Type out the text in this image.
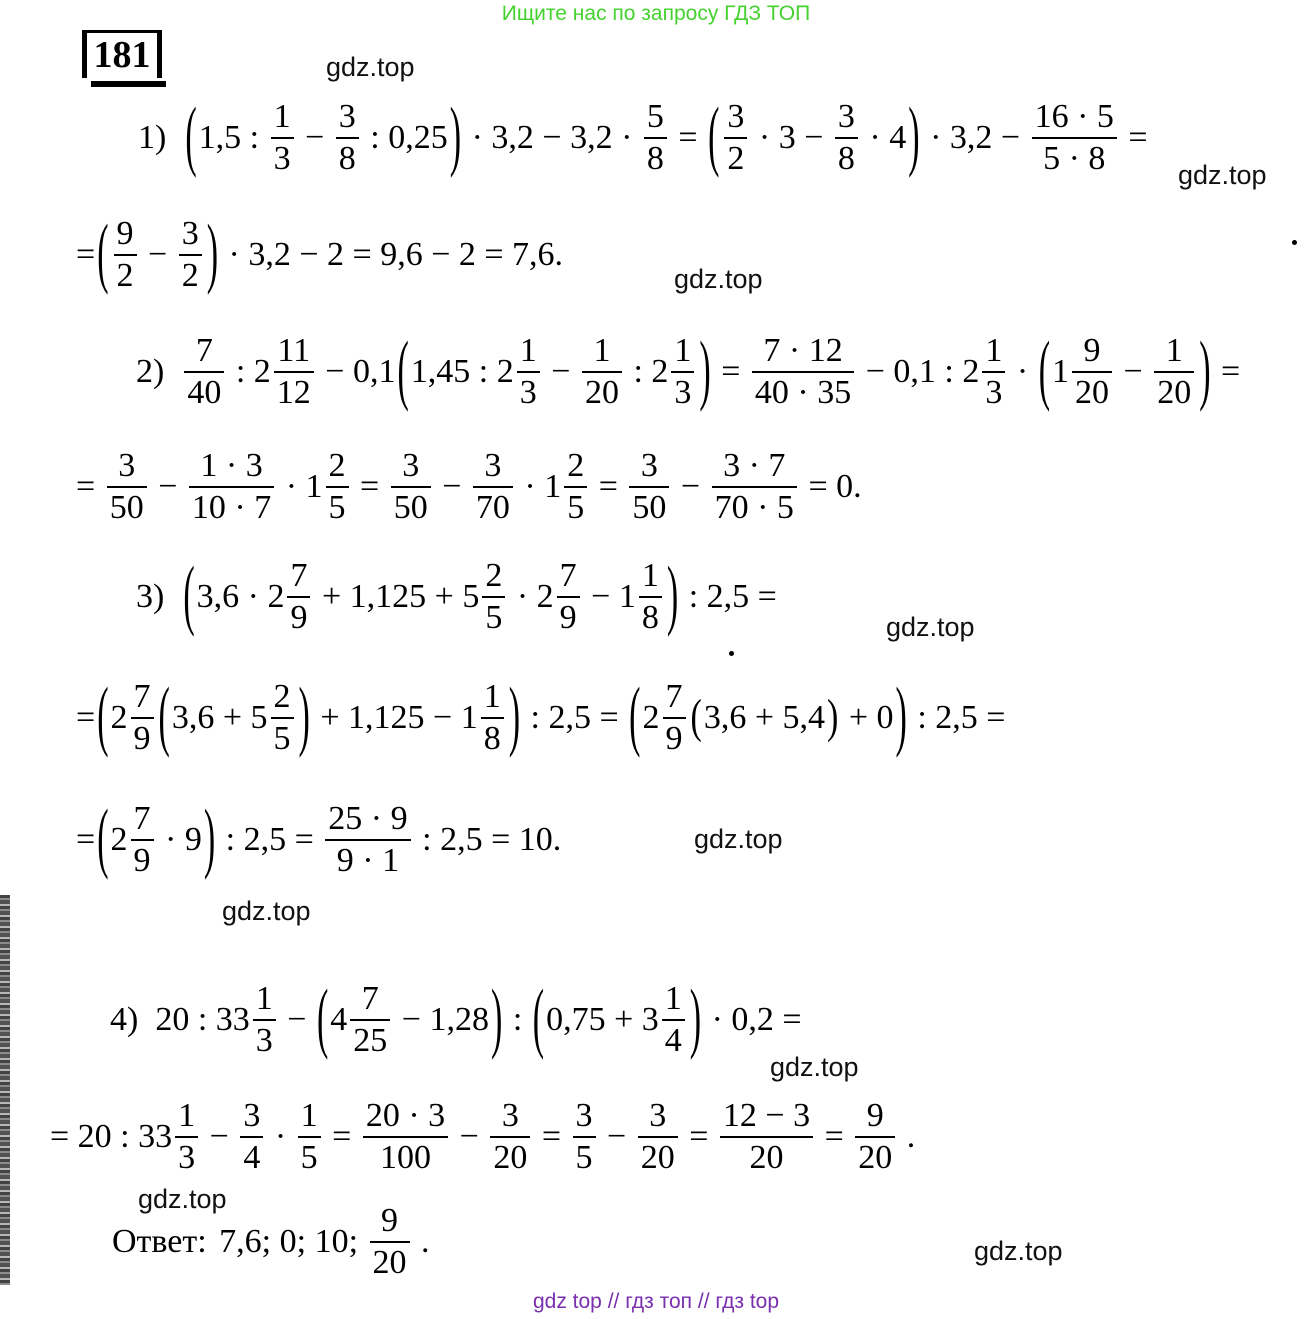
Ищите нас по запросу ГДЗ ТОП
181
1) ( 1,5 : $\frac{1}{3} - \frac{3}{8}$ : 0,25 ) · $3,2 - 3,2 \cdot \frac{5}{8}$ = ( $\frac{3}{2} \cdot 3 - \frac{3}{8} \cdot 4$ ) · $3,2 - \frac{16 \cdot 5}{5 \cdot 8}$ =
= ( $\frac{9}{2} - \frac{3}{2}$ ) · 3,2 − 2 = 9,6 − 2 = 7,6.
$2) \frac{7}{40}$ : $2 \frac{11}{12} - 0,1$ ( 1,45 : $2 \frac{1}{3} - \frac{1}{20}$ : $2 \frac{1}{3}$ ) = $\frac{7 \cdot 12}{40 \cdot 35} - 0,1$ : $2 \frac{1}{3}$ · ( $1 \frac{9}{20} - \frac{1}{20}$ ) =
= $\frac{3}{50} - \frac{1 \cdot 3}{10 \cdot 7} \cdot 1 \frac{2}{5} = \frac{3}{50} - \frac{3}{70} \cdot 1 \frac{2}{5} = \frac{3}{50} - \frac{3 \cdot 7}{70 \cdot 5} = 0$.
3) ( $3,6 \cdot 2 \frac{7}{9} + 1,125 + 5 \frac{2}{5} \cdot 2 \frac{7}{9} - 1 \frac{1}{8}$ ) : 2,5 =
= ( $2 \frac{7}{9}$ ( $3,6 + 5 \frac{2}{5}$ ) + $1,125 - 1 \frac{1}{8}$ ) : 2,5 = ( $2 \frac{7}{9}$ ( 3,6 + 5,4 ) + 0 ) : 2,5 =
= ( $2 \frac{7}{9} \cdot 9$ ) : $2,5 = \frac{25 \cdot 9}{9 \cdot 1}$ : 2,5 = 10.
4)  20 : $33 \frac{1}{3}$ − ( $4 \frac{7}{25} - 1,28$ ) : ( $0,75 + 3 \frac{1}{4}$ ) · 0,2 =
= 20 : $33 \frac{1}{3} - \frac{3}{4} \cdot \frac{1}{5} = \frac{20 \cdot 3}{100} - \frac{3}{20} = \frac{3}{5} - \frac{3}{20} = \frac{12 - 3}{20} = \frac{9}{20}$ .
Ответ: 7,6; 0; 10; $\frac{9}{20}$ .
gdz.top
gdz.top
gdz.top
gdz.top
gdz.top
gdz.top
gdz.top
gdz.top
gdz.top
gdz top // гдз топ // гдз top
